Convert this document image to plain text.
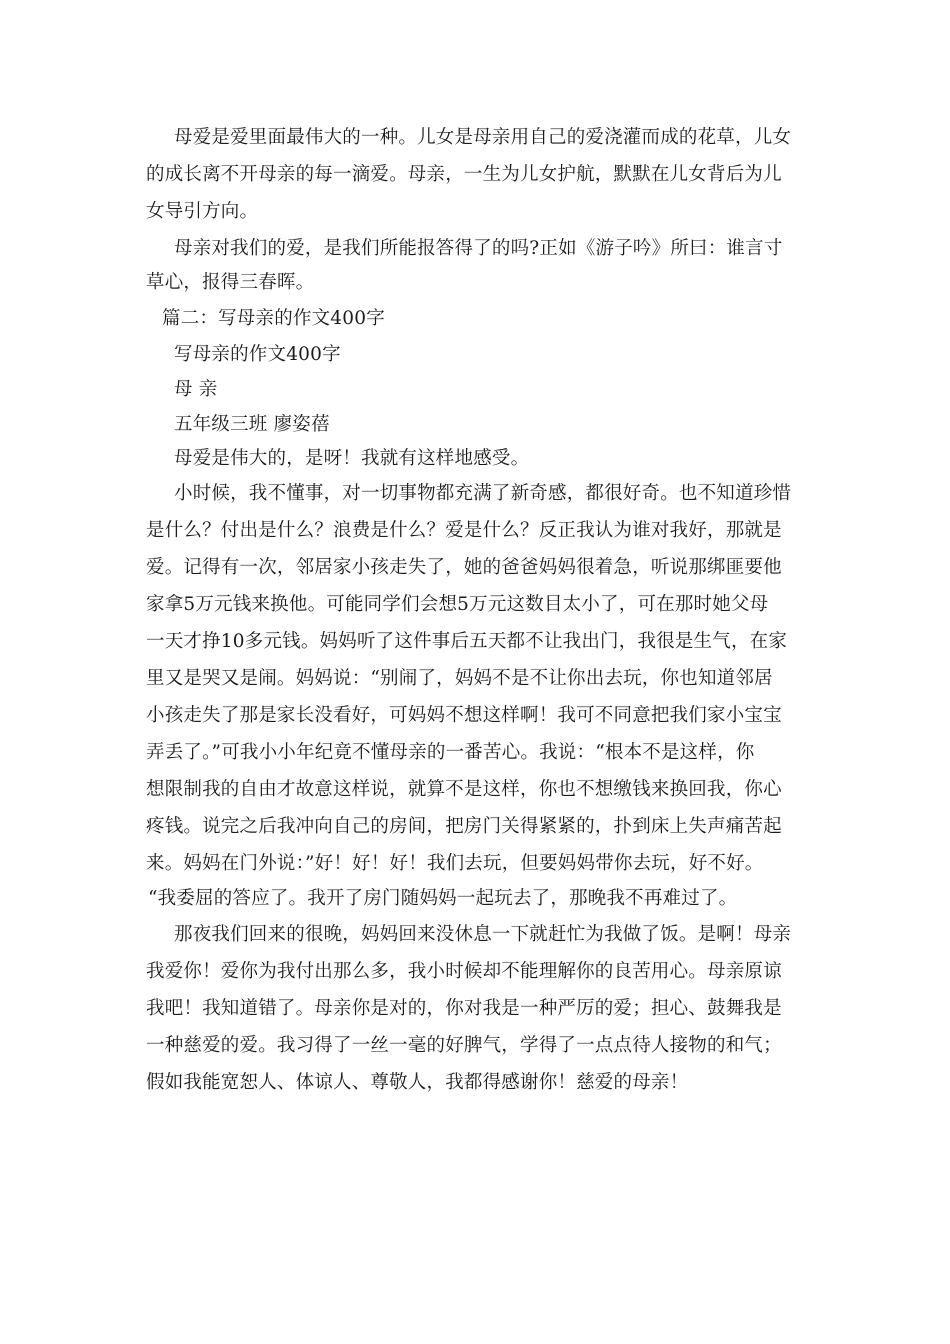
母爱是爱里面最伟大的一种。儿女是母亲用自己的爱浇灌而成的花草，儿女
的成长离不开母亲的每一滴爱。母亲，一生为儿女护航，默默在儿女背后为儿
女导引方向。
母亲对我们的爱，是我们所能报答得了的吗?正如《游子吟》所曰：谁言寸
草心，报得三春晖。
篇二：写母亲的作文400字
写母亲的作文400字
母 亲
五年级三班 廖姿蓓
母爱是伟大的，是呀！我就有这样地感受。
小时候，我不懂事，对一切事物都充满了新奇感，都很好奇。也不知道珍惜
是什么？付出是什么？浪费是什么？爱是什么？反正我认为谁对我好，那就是
爱。记得有一次，邻居家小孩走失了，她的爸爸妈妈很着急，听说那绑匪要他
家拿5万元钱来换他。可能同学们会想5万元这数目太小了，可在那时她父母
一天才挣10多元钱。妈妈听了这件事后五天都不让我出门，我很是生气，在家
里又是哭又是闹。妈妈说：“别闹了，妈妈不是不让你出去玩，你也知道邻居
小孩走失了那是家长没看好，可妈妈不想这样啊！我可不同意把我们家小宝宝
弄丢了。”可我小小年纪竟不懂母亲的一番苦心。我说：“根本不是这样，你
想限制我的自由才故意这样说，就算不是这样，你也不想缴钱来换回我，你心
疼钱。说完之后我冲向自己的房间，把房门关得紧紧的，扑到床上失声痛苦起
来。妈妈在门外说：”好！好！好！我们去玩，但要妈妈带你去玩，好不好。
“我委屈的答应了。我开了房门随妈妈一起玩去了，那晚我不再难过了。
那夜我们回来的很晚，妈妈回来没休息一下就赶忙为我做了饭。是啊！母亲
我爱你！爱你为我付出那么多，我小时候却不能理解你的良苦用心。母亲原谅
我吧！我知道错了。母亲你是对的，你对我是一种严厉的爱；担心、鼓舞我是
一种慈爱的爱。我习得了一丝一毫的好脾气，学得了一点点待人接物的和气；
假如我能宽恕人、体谅人、尊敬人，我都得感谢你！慈爱的母亲！
